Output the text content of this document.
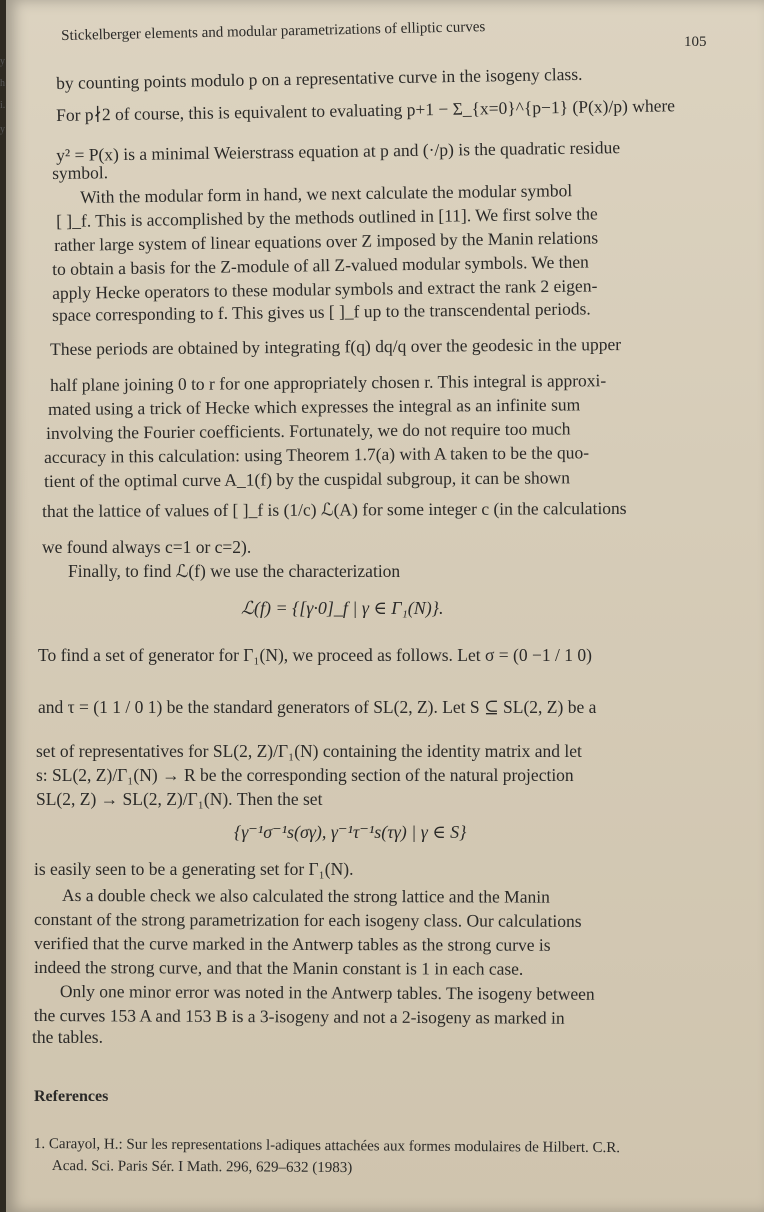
Stickelberger elements and modular parametrizations of elliptic curves	105
by counting points modulo p on a representative curve in the isogeny class.
For p∤2 of course, this is equivalent to evaluating p+1 − Σ_{x=0}^{p−1} (P(x)/p) where
y² = P(x) is a minimal Weierstrass equation at p and (·/p) is the quadratic residue
symbol.
With the modular form in hand, we next calculate the modular symbol
[ ]_f. This is accomplished by the methods outlined in [11]. We first solve the
rather large system of linear equations over Z imposed by the Manin relations
to obtain a basis for the Z-module of all Z-valued modular symbols. We then
apply Hecke operators to these modular symbols and extract the rank 2 eigen-
space corresponding to f. This gives us [ ]_f up to the transcendental periods.
These periods are obtained by integrating f(q) dq/q over the geodesic in the upper
half plane joining 0 to r for one appropriately chosen r. This integral is approxi-
mated using a trick of Hecke which expresses the integral as an infinite sum
involving the Fourier coefficients. Fortunately, we do not require too much
accuracy in this calculation: using Theorem 1.7(a) with A taken to be the quo-
tient of the optimal curve A_1(f) by the cuspidal subgroup, it can be shown
that the lattice of values of [ ]_f is (1/c) ℒ(A) for some integer c (in the calculations
we found always c=1 or c=2).
Finally, to find ℒ(f) we use the characterization
ℒ(f) = {[γ·0]_f | γ ∈ Γ₁(N)}.
To find a set of generator for Γ₁(N), we proceed as follows. Let σ = (0 −1 / 1 0)
and τ = (1 1 / 0 1) be the standard generators of SL(2, Z). Let S ⊆ SL(2, Z) be a
set of representatives for SL(2, Z)/Γ₁(N) containing the identity matrix and let
s: SL(2, Z)/Γ₁(N) → R be the corresponding section of the natural projection
SL(2, Z) → SL(2, Z)/Γ₁(N). Then the set
{γ⁻¹σ⁻¹s(σγ), γ⁻¹τ⁻¹s(τγ) | γ ∈ S}
is easily seen to be a generating set for Γ₁(N).
As a double check we also calculated the strong lattice and the Manin
constant of the strong parametrization for each isogeny class. Our calculations
verified that the curve marked in the Antwerp tables as the strong curve is
indeed the strong curve, and that the Manin constant is 1 in each case.
Only one minor error was noted in the Antwerp tables. The isogeny between
the curves 153 A and 153 B is a 3-isogeny and not a 2-isogeny as marked in
the tables.
References
1. Carayol, H.: Sur les representations l-adiques attachées aux formes modulaires de Hilbert. C.R.
Acad. Sci. Paris Sér. I Math. 296, 629–632 (1983)
y
h
i.
y
